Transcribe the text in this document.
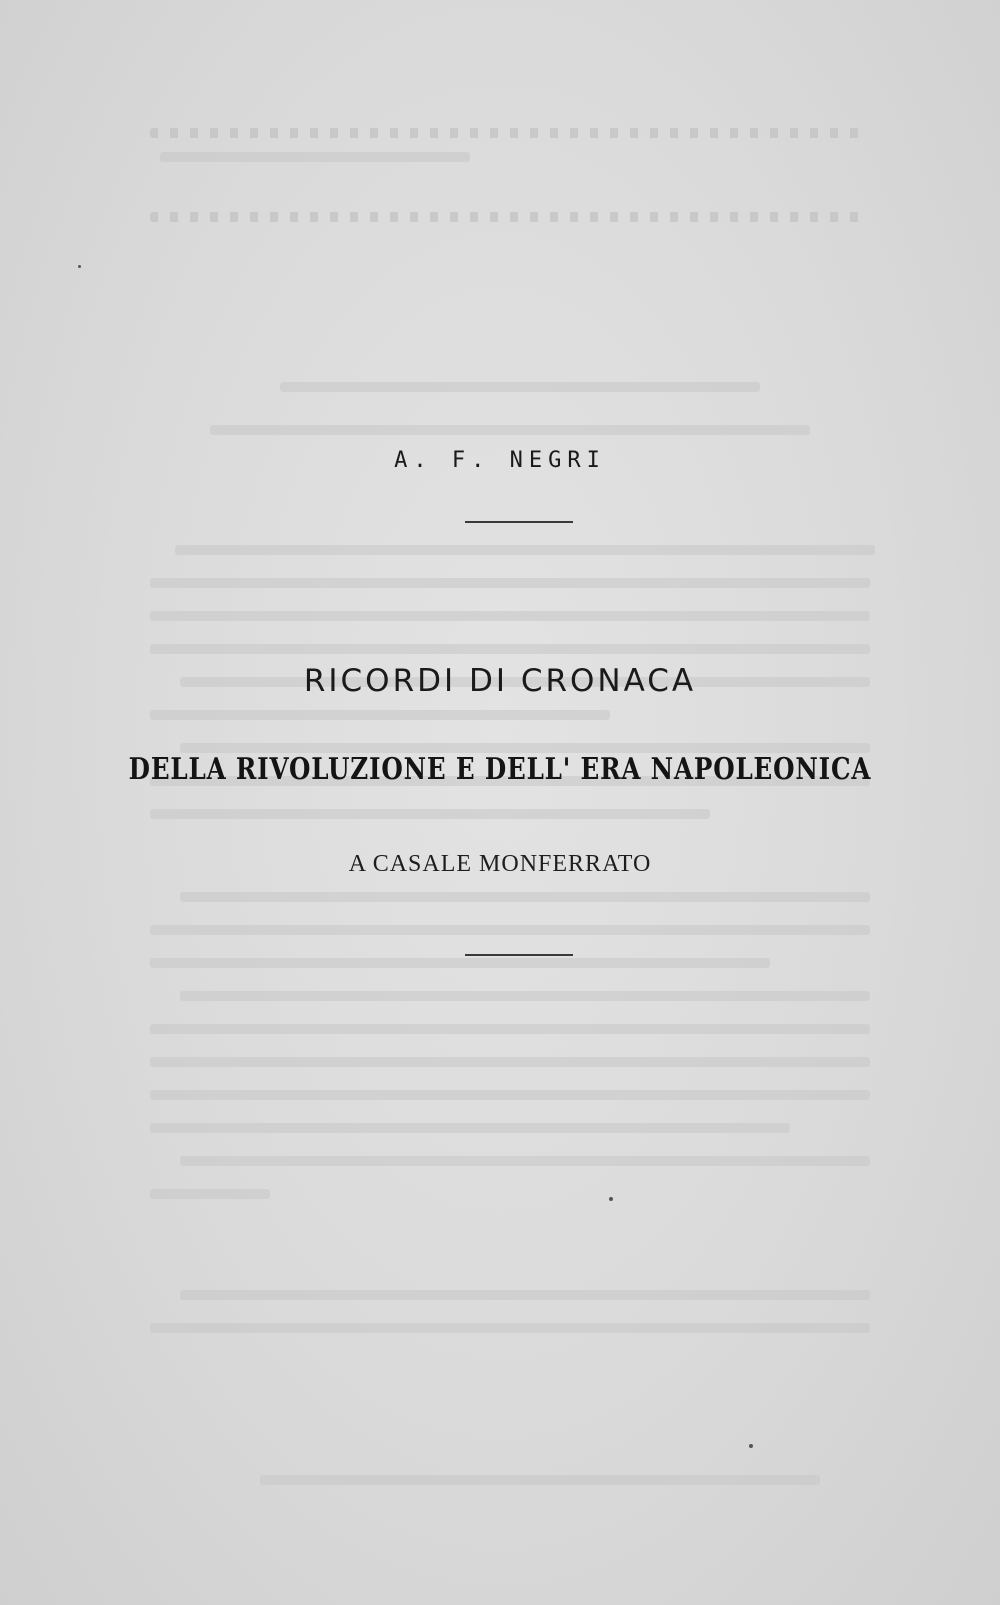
A. F. NEGRI
RICORDI DI CRONACA
DELLA RIVOLUZIONE E DELL' ERA NAPOLEONICA
A CASALE MONFERRATO
